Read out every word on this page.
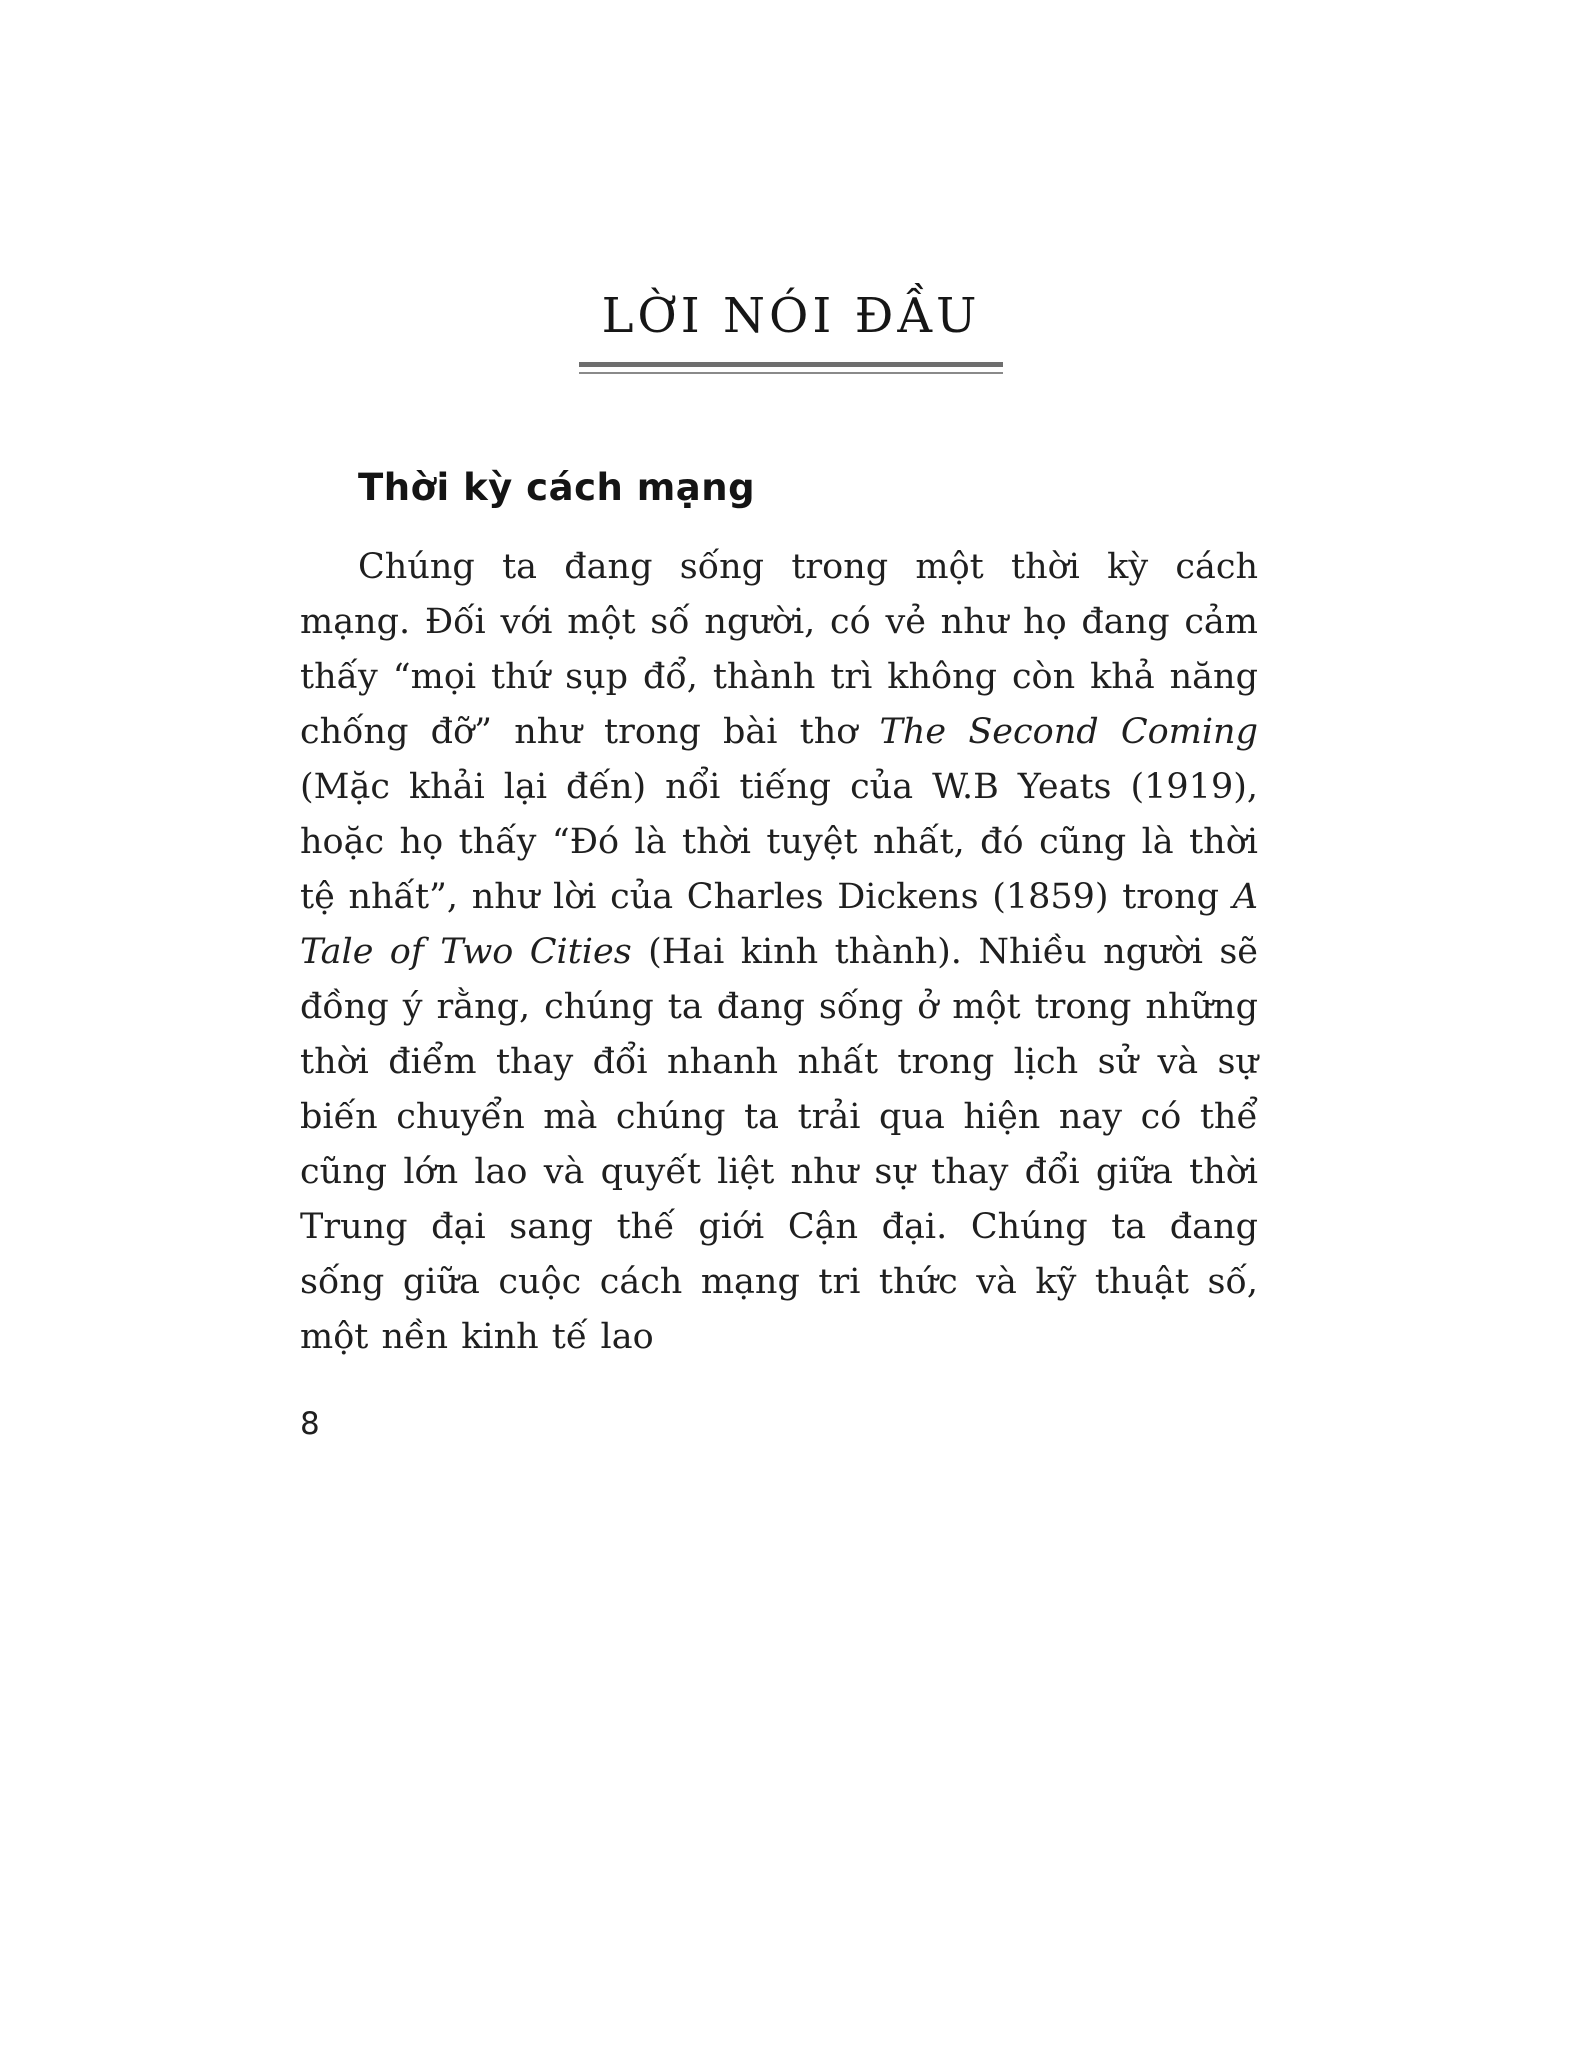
LỜI NÓI ĐẦU
Thời kỳ cách mạng

Chúng ta đang sống trong một thời kỳ cách mạng. Đối với một số người, có vẻ như họ đang cảm thấy “mọi thứ sụp đổ, thành trì không còn khả năng chống đỡ” như trong bài thơ The Second Coming (Mặc khải lại đến) nổi tiếng của W.B Yeats (1919), hoặc họ thấy “Đó là thời tuyệt nhất, đó cũng là thời tệ nhất”, như lời của Charles Dickens (1859) trong A Tale of Two Cities (Hai kinh thành). Nhiều người sẽ đồng ý rằng, chúng ta đang sống ở một trong những thời điểm thay đổi nhanh nhất trong lịch sử và sự biến chuyển mà chúng ta trải qua hiện nay có thể cũng lớn lao và quyết liệt như sự thay đổi giữa thời Trung đại sang thế giới Cận đại. Chúng ta đang sống giữa cuộc cách mạng tri thức và kỹ thuật số, một nền kinh tế lao

8
